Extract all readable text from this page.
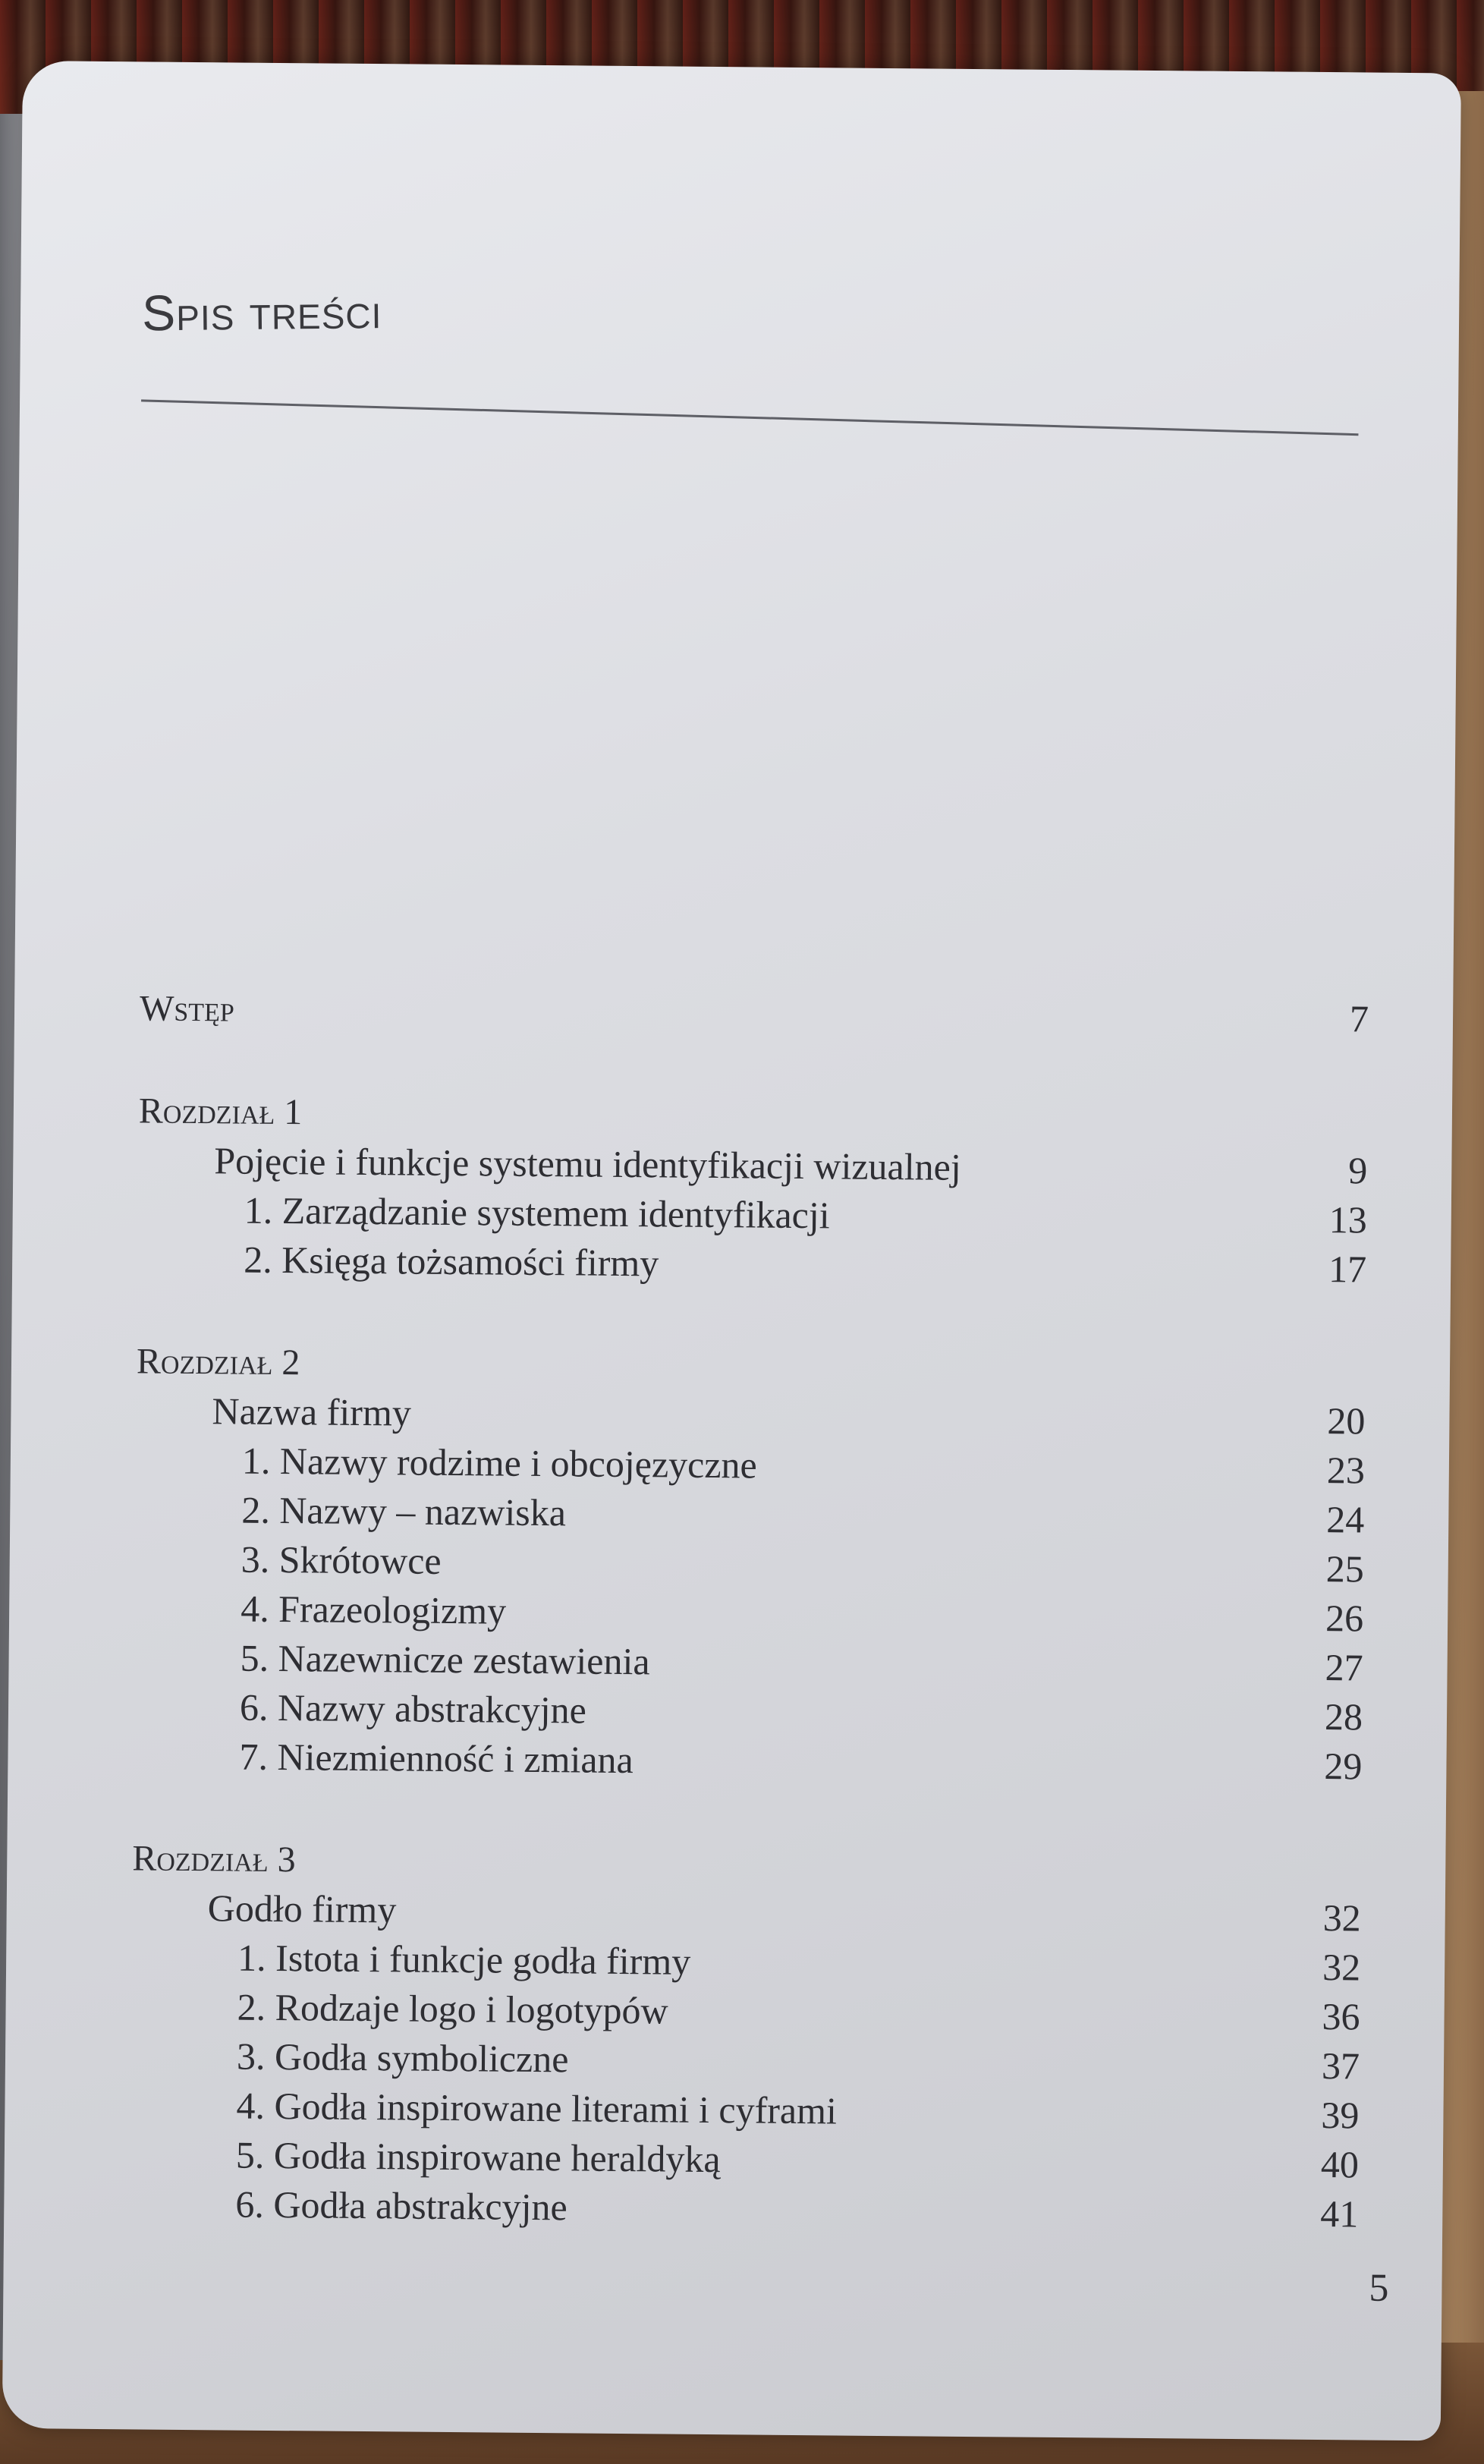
Spis treści
Wstęp	7
Rozdział 1
Pojęcie i funkcje systemu identyfikacji wizualnej	9
1. Zarządzanie systemem identyfikacji	13
2. Księga tożsamości firmy	17
Rozdział 2
Nazwa firmy	20
1. Nazwy rodzime i obcojęzyczne	23
2. Nazwy – nazwiska	24
3. Skrótowce	25
4. Frazeologizmy	26
5. Nazewnicze zestawienia	27
6. Nazwy abstrakcyjne	28
7. Niezmienność i zmiana	29
Rozdział 3
Godło firmy	32
1. Istota i funkcje godła firmy	32
2. Rodzaje logo i logotypów	36
3. Godła symboliczne	37
4. Godła inspirowane literami i cyframi	39
5. Godła inspirowane heraldyką	40
6. Godła abstrakcyjne	41
5
